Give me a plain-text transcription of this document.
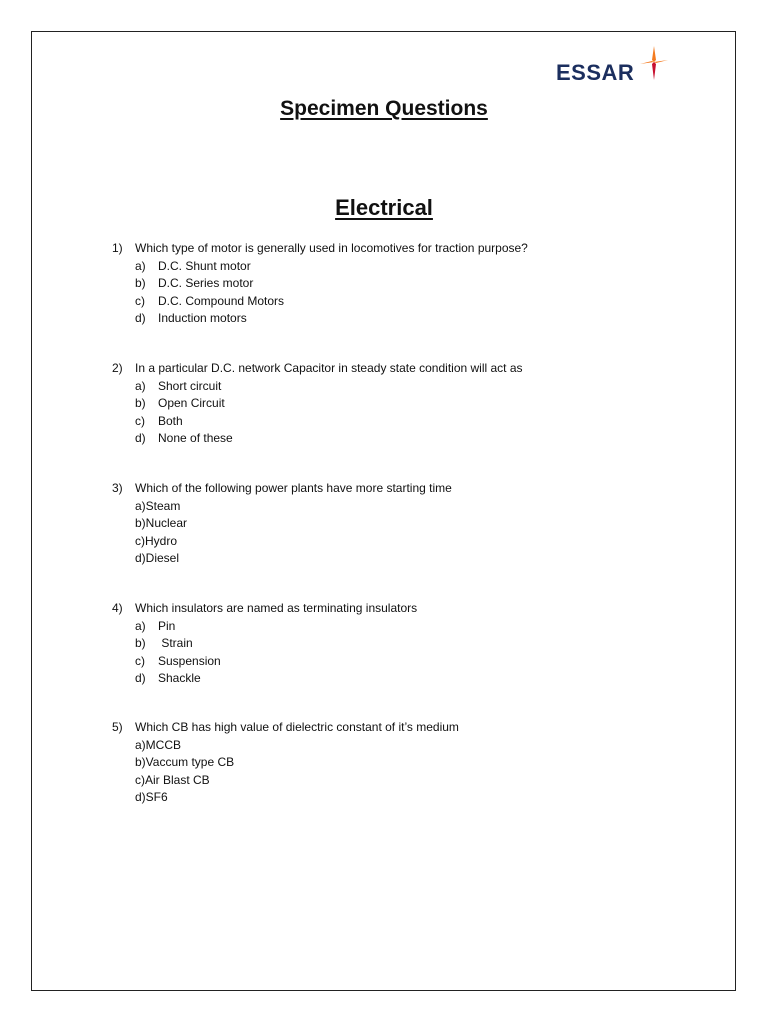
ESSAR
Specimen Questions
Electrical
1)	Which type of motor is generally used in locomotives for traction purpose?
a)	D.C. Shunt motor
b)	D.C. Series motor
c)	D.C. Compound Motors
d)	Induction motors
2)	In a particular D.C. network Capacitor in steady state condition will act as
a)	Short circuit
b)	Open Circuit
c)	Both
d)	None of these
3)	Which of the following power plants have more starting time
a)Steam
b)Nuclear
c)Hydro
d)Diesel
4)	Which insulators are named as terminating insulators
a)	Pin
b)	Strain
c)	Suspension
d)	Shackle
5)	Which CB has high value of dielectric constant of it’s medium
a)MCCB
b)Vaccum type CB
c)Air Blast CB
d)SF6
